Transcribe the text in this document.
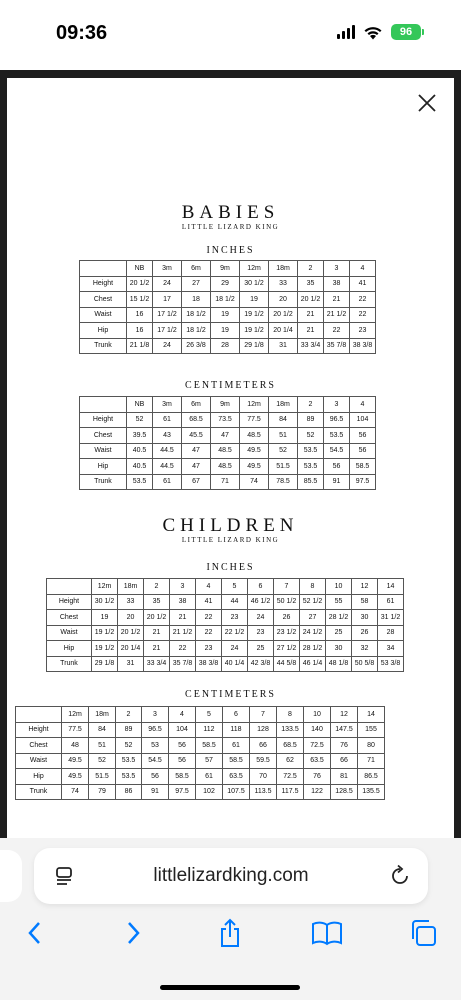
09:36	96
BABIES
LITTLE LIZARD KING
INCHES
	NB	3m	6m	9m	12m	18m	2	3	4
Height	20 1/2	24	27	29	30 1/2	33	35	38	41
Chest	15 1/2	17	18	18 1/2	19	20	20 1/2	21	22
Waist	16	17 1/2	18 1/2	19	19 1/2	20 1/2	21	21 1/2	22
Hip	16	17 1/2	18 1/2	19	19 1/2	20 1/4	21	22	23
Trunk	21 1/8	24	26 3/8	28	29 1/8	31	33 3/4	35 7/8	38 3/8
CENTIMETERS
	NB	3m	6m	9m	12m	18m	2	3	4
Height	52	61	68.5	73.5	77.5	84	89	96.5	104
Chest	39.5	43	45.5	47	48.5	51	52	53.5	56
Waist	40.5	44.5	47	48.5	49.5	52	53.5	54.5	56
Hip	40.5	44.5	47	48.5	49.5	51.5	53.5	56	58.5
Trunk	53.5	61	67	71	74	78.5	85.5	91	97.5
CHILDREN
LITTLE LIZARD KING
INCHES
	12m	18m	2	3	4	5	6	7	8	10	12	14
Height	30 1/2	33	35	38	41	44	46 1/2	50 1/2	52 1/2	55	58	61
Chest	19	20	20 1/2	21	22	23	24	26	27	28 1/2	30	31 1/2
Waist	19 1/2	20 1/2	21	21 1/2	22	22 1/2	23	23 1/2	24 1/2	25	26	28
Hip	19 1/2	20 1/4	21	22	23	24	25	27 1/2	28 1/2	30	32	34
Trunk	29 1/8	31	33 3/4	35 7/8	38 3/8	40 1/4	42 3/8	44 5/8	46 1/4	48 1/8	50 5/8	53 3/8
CENTIMETERS
	12m	18m	2	3	4	5	6	7	8	10	12	14
Height	77.5	84	89	96.5	104	112	118	128	133.5	140	147.5	155
Chest	48	51	52	53	56	58.5	61	66	68.5	72.5	76	80
Waist	49.5	52	53.5	54.5	56	57	58.5	59.5	62	63.5	66	71
Hip	49.5	51.5	53.5	56	58.5	61	63.5	70	72.5	76	81	86.5
Trunk	74	79	86	91	97.5	102	107.5	113.5	117.5	122	128.5	135.5
littlelizardking.com
